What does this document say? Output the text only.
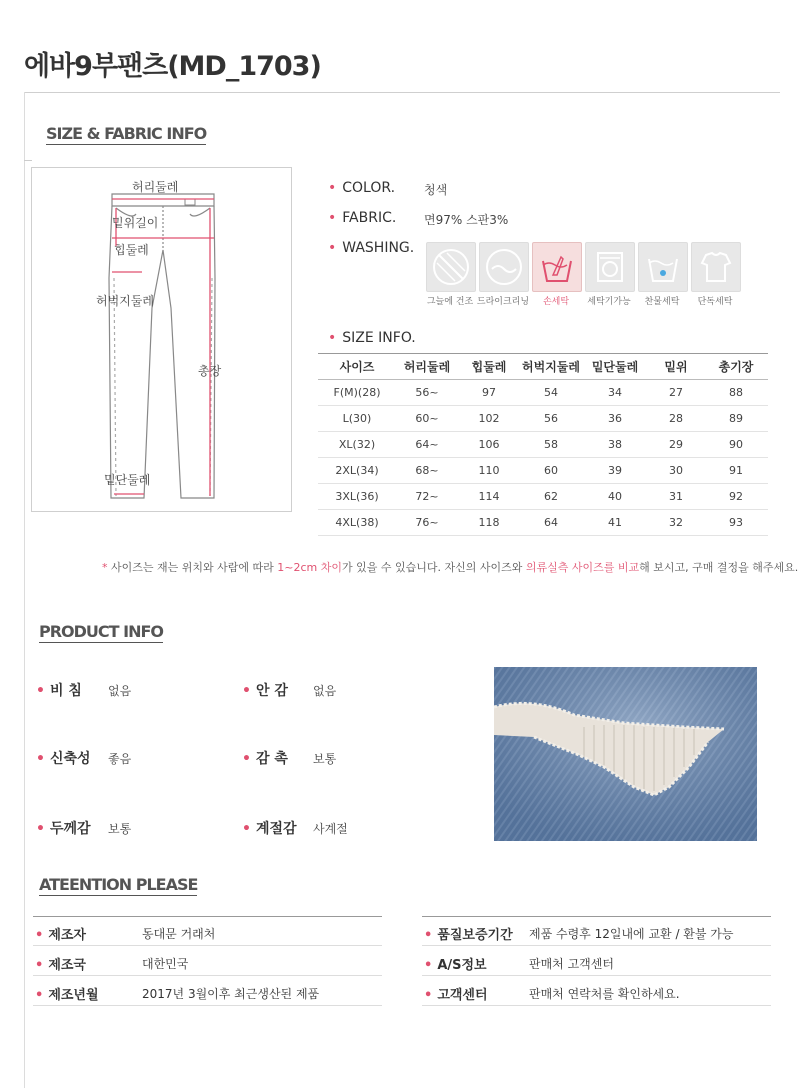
에바9부팬츠(MD_1703)
SIZE & FABRIC INFO
허리둘레
밑위길이
힙둘레
허벅지둘레
총장
밑단둘레
• COLOR. 청색
• FABRIC. 면97% 스판3%
• WASHING.
그늘에 건조 드라이크리닝	손세탁	세탁기가능	찬물세탁	단독세탁
• SIZE INFO.
사이즈	허리둘레	힙둘레	허벅지둘레	밑단둘레	밑위	총기장
F(M)(28)	56~	97	54	34	27	88
L(30)	60~	102	56	36	28	89
XL(32)	64~	106	58	38	29	90
2XL(34)	68~	110	60	39	30	91
3XL(36)	72~	114	62	40	31	92
4XL(38)	76~	118	64	41	32	93
* 사이즈는 재는 위치와 사람에 따라 1~2cm 차이가 있을 수 있습니다. 자신의 사이즈와 의류실측 사이즈를 비교해 보시고, 구매 결정을 해주세요.
PRODUCT INFO
• 비 침 없음	• 안 감 없음
• 신축성 좋음	• 감 촉 보통
• 두께감 보통	• 계절감 사계절
ATEENTION PLEASE
• 제조자	동대문 거래처
• 제조국	대한민국
• 제조년월	2017년 3월이후 최근생산된 제품
• 품질보증기간 제품 수령후 12일내에 교환 / 환불 가능
• A/S정보	판매처 고객센터
• 고객센터	판매처 연락처를 확인하세요.
